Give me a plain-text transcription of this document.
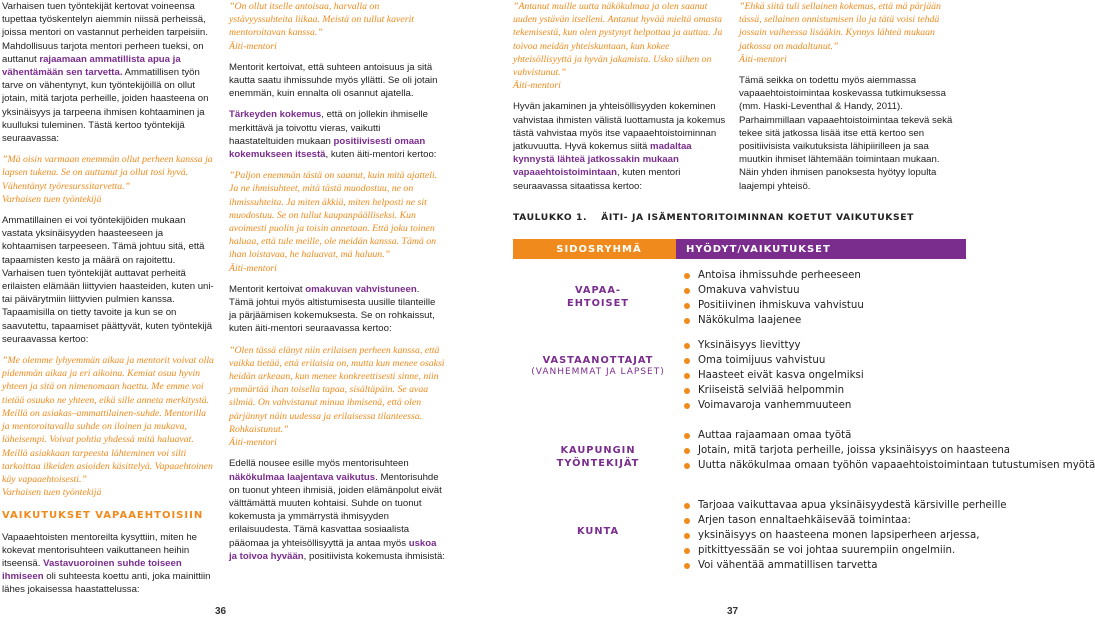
Varhaisen tuen työntekijät kertovat voineensa tupettaa työskentelyn aiemmin niissä perheissä, joissa mentori on vastannut perheiden tarpeisiin. Mahdollisuus tarjota mentori perheen tueksi, on auttanut rajaamaan ammatillista apua ja vähentämään sen tarvetta. Ammatillisen työn tarve on vähentynyt, kun työntekijöillä on ollut jotain, mitä tarjota perheille, joiden haasteena on yksinäisyys ja tarpeena ihmisen kohtaaminen ja kuulluksi tuleminen. Tästä kertoo työntekijä seuraavassa:

”Mä oisin varmaan enemmän ollut perheen kanssa ja lapsen tukena. Se on auttanut ja ollut tosi hyvä. Vähentänyt työresurssitarvetta.”
Varhaisen tuen työntekijä

Ammatillainen ei voi työntekijöiden mukaan vastata yksinäisyyden haasteeseen ja kohtaamisen tarpeeseen. Tämä johtuu sitä, että tapaamisten kesto ja määrä on rajoitettu. Varhaisen tuen työntekijät auttavat perheitä erilaisten elämään liittyvien haasteiden, kuten uni- tai päivärytmiin liittyvien pulmien kanssa. Tapaamisilla on tietty tavoite ja kun se on saavutettu, tapaamiset päättyvät, kuten työntekijä seuraavassa kertoo:

”Me olemme lyhyemmän aikaa ja mentorit voivat olla pidemmän aikaa ja eri aikoina. Kemiat osuu hyvin yhteen ja sitä on nimenomaan haettu. Me emme voi tietää osuuko ne yhteen, eikä sille anneta merkitystä. Meillä on asiakas–ammattilainen-suhde. Mentorilla ja mentoroitavalla suhde on iloinen ja mukava, läheisempi. Voivat pohtia yhdessä mitä haluavat. Meillä asiakkaan tarpeesta lähteminen voi silti tarkoittaa ilkeiden asioiden käsittelyä. Vapaaehtoinen käy vapaaehtoisesti.”
Varhaisen tuen työntekijä
VAIKUTUKSET VAPAAEHTOISIIN

Vapaaehtoisten mentoreilta kysyttiin, miten he kokevat mentorisuhteen vaikuttaneen heihin itseensä. Vastavuoroinen suhde toiseen ihmiseen oli suhteesta koettu anti, joka mainittiin lähes jokaisessa haastattelussa:

”On ollut itselle antoisaa, harvalla on ystävyyssuhteita liikaa. Meistä on tullut kaverit mentoroitavan kanssa.”
Äiti-mentori

Mentorit kertoivat, että suhteen antoisuus ja sitä kautta saatu ihmissuhde myös yllätti. Se oli jotain enemmän, kuin ennalta oli osannut ajatella.

Tärkeyden kokemus, että on jollekin ihmiselle merkittävä ja toivottu vieras, vaikutti haastateltuiden mukaan positiivisesti omaan kokemukseen itsestä, kuten äiti-mentori kertoo:

”Paljon enemmän tästä on saanut, kuin mitä ajatteli. Ja ne ihmisuhteet, mitä tästä muodostuu, ne on ihmissuhteita. Ja miten äkkiä, miten helposti ne sit muodostuu. Se on tullut kaupanpäälliseksi. Kun avoimesti puolin ja toisin annetaan. Että joku toinen haluaa, että tule meille, ole meidän kanssa. Tämä on ihan loistavaa, he haluavat, mä haluun.”
Äiti-mentori

Mentorit kertoivat omakuvan vahvistuneen. Tämä johtui myös altistumisesta uusille tilanteille ja pärjäämisen kokemuksesta. Se on rohkaissut, kuten äiti-mentori seuraavassa kertoo:

”Olen tässä elänyt niin erilaisen perheen kanssa, että vaikka tietää, että erilaisia on, mutta kun menee osaksi heidän arkeaan, kun menee konkreettisesti sinne, niin ymmärtää ihan toisella tapaa, sisältäpäin. Se avaa silmiä. On vahvistanut minua ihmisenä, että olen pärjännyt näin uudessa ja erilaisessa tilanteessa. Rohkaistunut.”
Äiti-mentori

Edellä nousee esille myös mentorisuhteen näkökulmaa laajentava vaikutus. Mentorisuhde on tuonut yhteen ihmisiä, joiden elämänpolut eivät välttämättä muuten kohtaisi. Suhde on tuonut kokemusta ja ymmärrystä ihmisyyden erilaisuudesta. Tämä kasvattaa sosiaalista pääomaa ja yhteisöllisyyttä ja antaa myös uskoa ja toivoa hyvään, positiivista kokemusta ihmisistä:

”Antanut muille uutta näkökulmaa ja olen saanut uuden ystävän itselleni. Antanut hyvää mieltä omasta tekemisestä, kun olen pystynyt helpottaa ja auttaa. Ja toivoa meidän yhteiskuntaan, kun kokee yhteisöllisyyttä ja hyvän jakamista. Usko siihen on vahvistunut.”
Äiti-mentori

Hyvän jakaminen ja yhteisöllisyyden kokeminen vahvistaa ihmisten välistä luottamusta ja kokemus tästä vahvistaa myös itse vapaaehtoistoiminnan jatkuvuutta. Hyvä kokemus siitä madaltaa kynnystä lähteä jatkossakin mukaan vapaaehtoistoimintaan, kuten mentori seuraavassa sitaatissa kertoo:

”Ehkä siitä tuli sellainen kokemus, että mä pärjään tässä, sellainen onnistumisen ilo ja tätä voisi tehdä jossain vaiheessa lisääkin. Kynnys lähteä mukaan jatkossa on madaltunut.”
Äiti-mentori

Tämä seikka on todettu myös aiemmassa vapaaehtoistoimintaa koskevassa tutkimuksessa (mm. Haski-Leventhal & Handy, 2011). Parhaimmillaan vapaaehtoistoimintaa tekevä sekä tekee sitä jatkossa lisää itse että kertoo sen positiivisista vaikutuksista lähipiirilleen ja saa muutkin ihmiset lähtemään toimintaan mukaan. Näin yhden ihmisen panoksesta hyötyy lopulta laajempi yhteisö.

TAULUKKO 1. ÄITI- JA ISÄMENTORITOIMINNAN KOETUT VAIKUTUKSET
SIDOSRYHMÄ	HYÖDYT/VAIKUTUKSET
VAPAA-
EHTOISET
Antoisa ihmissuhde perheeseen
Omakuva vahvistuu
Positiivinen ihmiskuva vahvistuu
Näkökulma laajenee
VASTAANOTTAJAT
(VANHEMMAT JA LAPSET)
Yksinäisyys lievittyy
Oma toimijuus vahvistuu
Haasteet eivät kasva ongelmiksi
Kriiseistä selviää helpommin
Voimavaroja vanhemmuuteen
KAUPUNGIN
TYÖNTEKIJÄT
Auttaa rajaamaan omaa työtä
Jotain, mitä tarjota perheille, joissa yksinäisyys on haasteena
Uutta näkökulmaa omaan työhön vapaaehtoistoimintaan tutustumisen myötä
KUNTA
Tarjoaa vaikuttavaa apua yksinäisyydestä kärsiville perheille
Arjen tason ennaltaehkäisevää toimintaa:
yksinäisyys on haasteena monen lapsiperheen arjessa,
pitkittyessään se voi johtaa suurempiin ongelmiin.
Voi vähentää ammatillisen tarvetta
36	37
